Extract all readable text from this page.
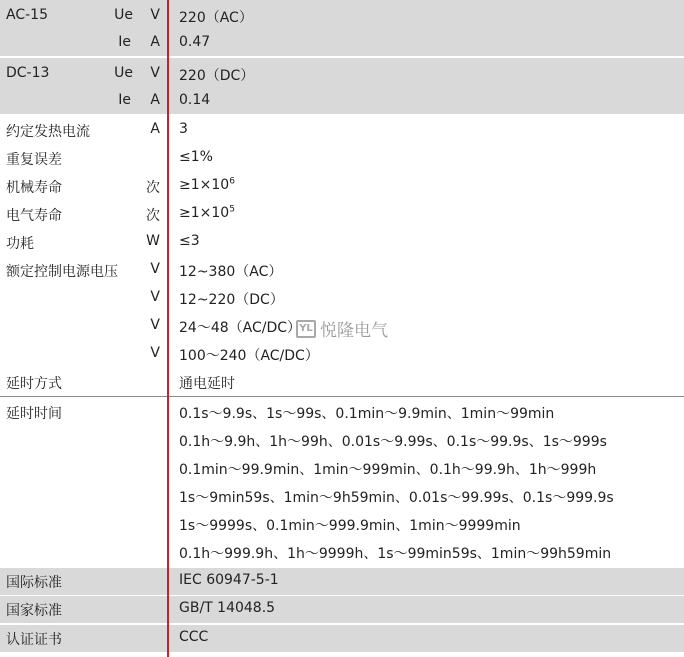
AC-15	Ue V 220（AC）
Ie A 0.47
DC-13	Ue V 220（DC）
Ie A 0.14
约定发热电流	A 3
重复误差	≤1%
机械寿命	次 $\ge 1\times 10^6$
电气寿命	次 $\ge 1\times 10^5$
功耗	W ≤3
额定控制电源电压 V 12~380（AC）
V 12~220（DC）
V 24～48（AC/DC）
V 100～240（AC/DC）
延时方式	通电延时
延时时间	0.1s～9.9s、1s～99s、0.1min～9.9min、1min～99min
0.1h～9.9h、1h～99h、0.01s～9.99s、0.1s～99.9s、1s～999s
0.1min～99.9min、1min～999min、0.1h～99.9h、1h～999h
1s～9min59s、1min～9h59min、0.01s～99.99s、0.1s～999.9s
1s～9999s、0.1min～999.9min、1min～9999min
0.1h～999.9h、1h～9999h、1s～99min59s、1min～99h59min
国际标准	IEC 60947-5-1
国家标准	GB/T 14048.5
认证证书	CCC
YL 悦隆电气
